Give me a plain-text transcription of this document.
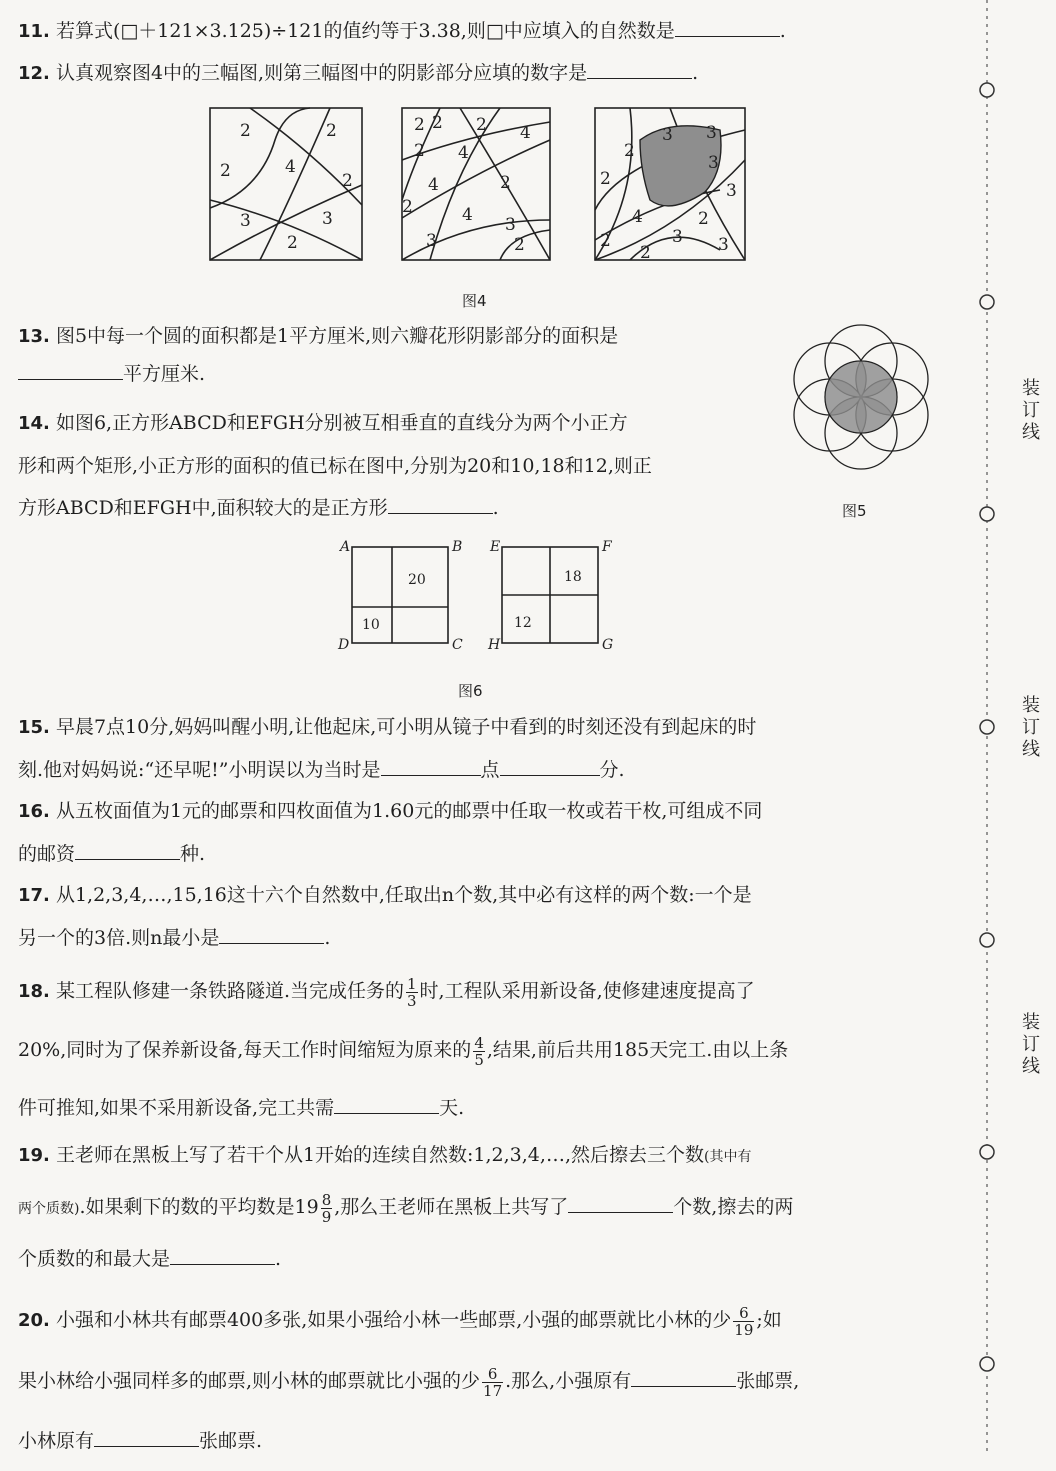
装订线
装订线
装订线
11. 若算式(□＋121×3.125)÷121的值约等于3.38,则□中应填入的自然数是	.
12. 认真观察图4中的三幅图,则第三幅图中的阴影部分应填的数字是	.
2	2
2	4
2
3	3
2
2 2 2 4
2 4
4	2
2	4 3
3	2
3 3
2
3
2
3
4	2
3
2
2	3
图4
13. 图5中每一个圆的面积都是1平方厘米,则六瓣花形阴影部分的面积是
平方厘米.
图5
14. 如图6,正方形ABCD和EFGH分别被互相垂直的直线分为两个小正方
形和两个矩形,小正方形的面积的值已标在图中,分别为20和10,18和12,则正
方形ABCD和EFGH中,面积较大的是正方形	.
A	B
C
D
E	F
G
H
20
10
18
12
图6
15. 早晨7点10分,妈妈叫醒小明,让他起床,可小明从镜子中看到的时刻还没有到起床的时
刻.他对妈妈说:“还早呢!”小明误以为当时是	点	分.
16. 从五枚面值为1元的邮票和四枚面值为1.60元的邮票中任取一枚或若干枚,可组成不同
的邮资	种.
17. 从1,2,3,4,…,15,16这十六个自然数中,任取出n个数,其中必有这样的两个数:一个是
另一个的3倍.则n最小是	.
18. 某工程队修建一条铁路隧道.当完成任务的 $\frac{1}{3}$ 时,工程队采用新设备,使修建速度提高了
20%,同时为了保养新设备,每天工作时间缩短为原来的 $\frac{4}{5}$ ,结果,前后共用185天完工.由以上条
件可推知,如果不采用新设备,完工共需	天.
19. 王老师在黑板上写了若干个从1开始的连续自然数:1,2,3,4,…,然后擦去三个数(其中有
两个质数).如果剩下的数的平均数是$19 \frac{8}{9}$ ,那么王老师在黑板上共写了	个数,擦去的两
个质数的和最大是	.
20. 小强和小林共有邮票400多张,如果小强给小林一些邮票,小强的邮票就比小林的少 $\frac{6}{19}$ ;如
果小林给小强同样多的邮票,则小林的邮票就比小强的少 $\frac{6}{17}$ .那么,小强原有	张邮票,
小林原有	张邮票.
